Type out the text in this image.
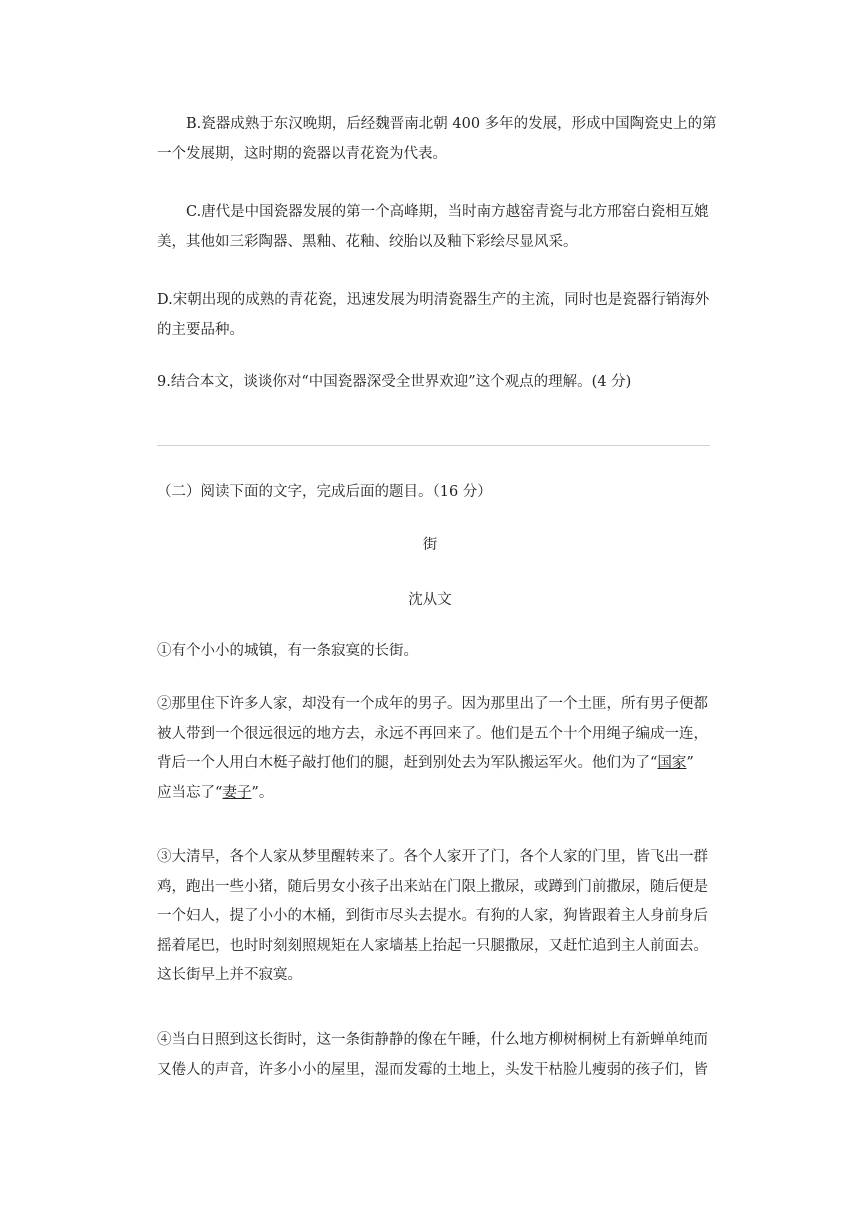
B.瓷器成熟于东汉晚期，后经魏晋南北朝 400 多年的发展，形成中国陶瓷史上的第
一个发展期，这时期的瓷器以青花瓷为代表。

C.唐代是中国瓷器发展的第一个高峰期，当时南方越窑青瓷与北方邢窑白瓷相互媲
美，其他如三彩陶器、黑釉、花釉、绞胎以及釉下彩绘尽显风采。

D.宋朝出现的成熟的青花瓷，迅速发展为明清瓷器生产的主流，同时也是瓷器行销海外
的主要品种。

9.结合本文，谈谈你对“中国瓷器深受全世界欢迎”这个观点的理解。(4 分)

（二）阅读下面的文字，完成后面的题目。（16 分）

街
沈从文

①有个小小的城镇，有一条寂寞的长街。

②那里住下许多人家，却没有一个成年的男子。因为那里出了一个土匪，所有男子便都
被人带到一个很远很远的地方去，永远不再回来了。他们是五个十个用绳子编成一连，
背后一个人用白木梃子敲打他们的腿，赶到别处去为军队搬运军火。他们为了“国家”
应当忘了“妻子”。

③大清早，各个人家从梦里醒转来了。各个人家开了门，各个人家的门里，皆飞出一群
鸡，跑出一些小猪，随后男女小孩子出来站在门限上撒尿，或蹲到门前撒尿，随后便是
一个妇人，提了小小的木桶，到街市尽头去提水。有狗的人家，狗皆跟着主人身前身后
摇着尾巴，也时时刻刻照规矩在人家墙基上抬起一只腿撒尿，又赶忙追到主人前面去。
这长街早上并不寂寞。

④当白日照到这长街时，这一条街静静的像在午睡，什么地方柳树桐树上有新蝉单纯而
又倦人的声音，许多小小的屋里，湿而发霉的土地上，头发干枯脸儿瘦弱的孩子们，皆
